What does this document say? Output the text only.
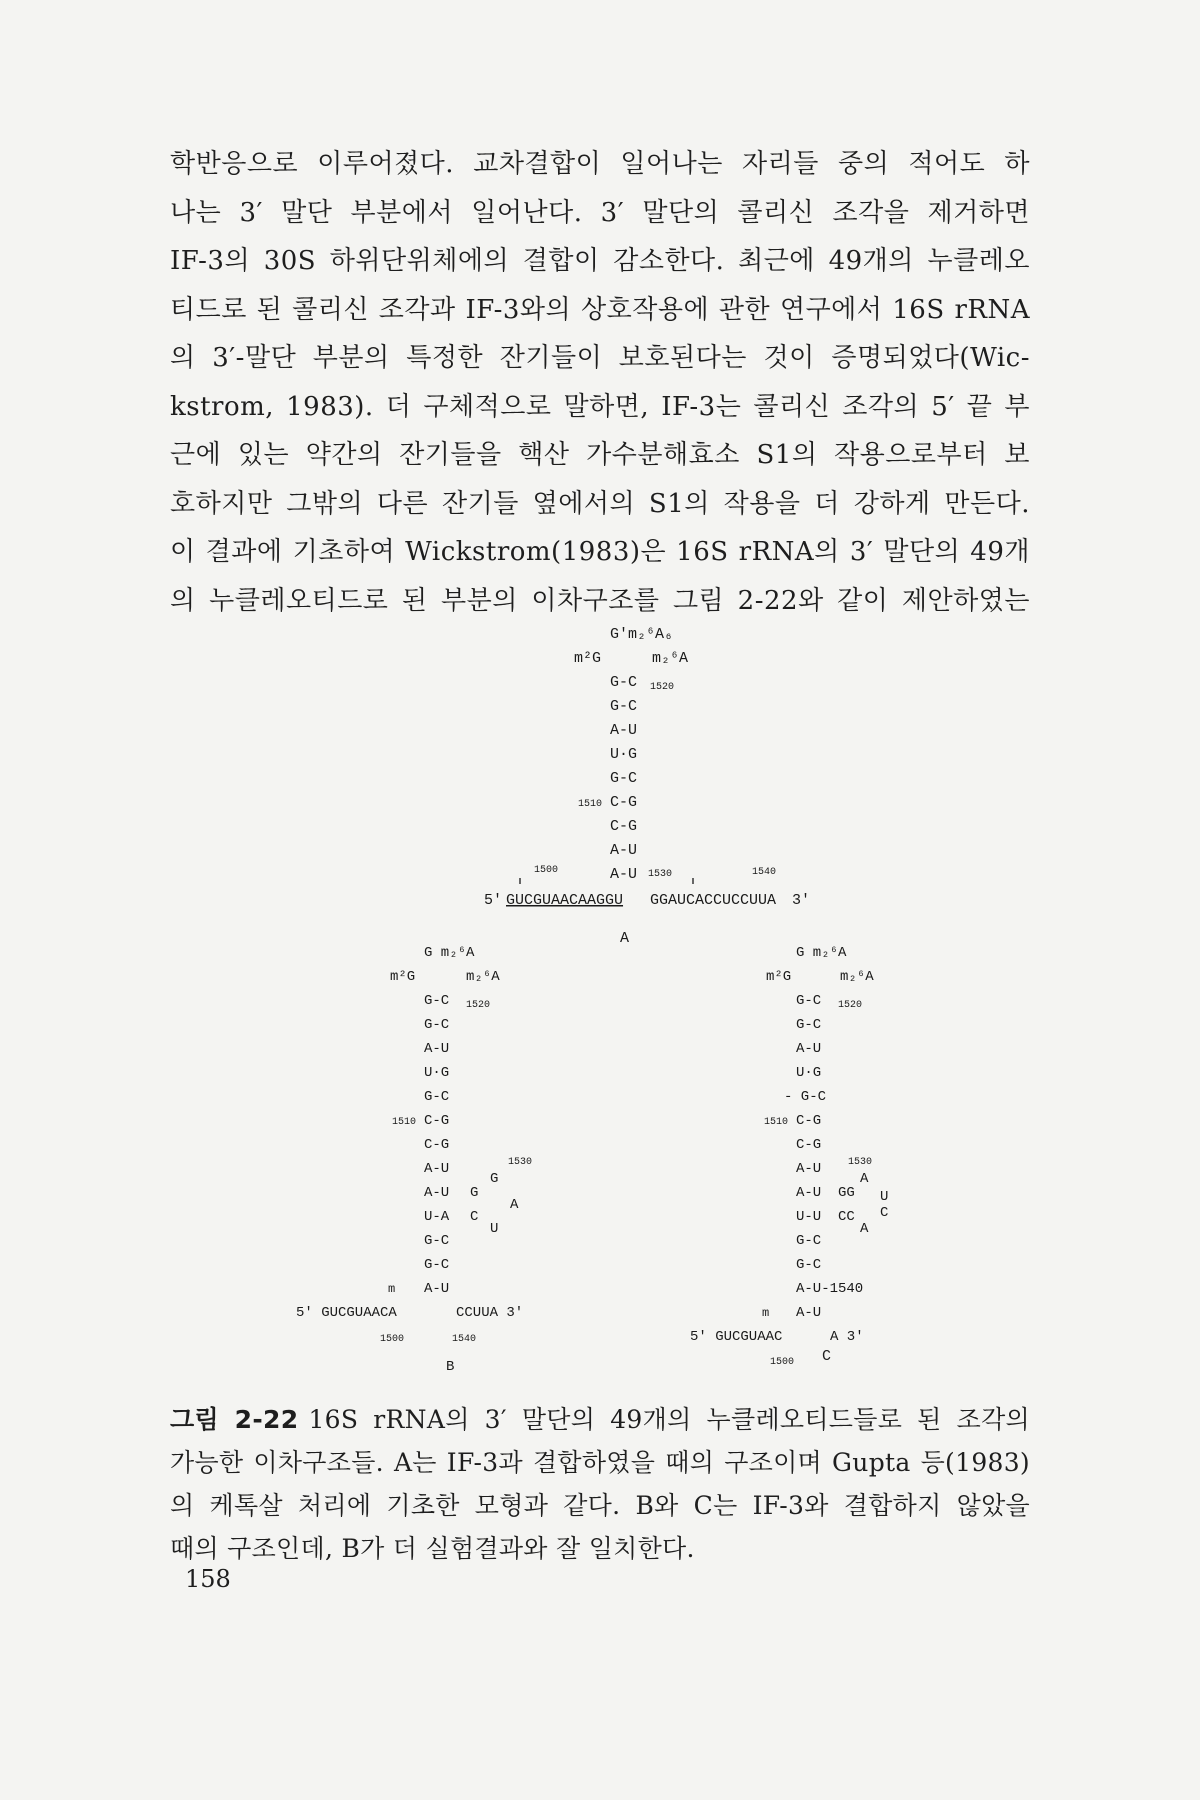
학반응으로 이루어졌다. 교차결합이 일어나는 자리들 중의 적어도 하
나는 3′ 말단 부분에서 일어난다. 3′ 말단의 콜리신 조각을 제거하면
IF-3의 30S 하위단위체에의 결합이 감소한다. 최근에 49개의 누클레오
티드로 된 콜리신 조각과 IF-3와의 상호작용에 관한 연구에서 16S rRNA
의 3′-말단 부분의 특정한 잔기들이 보호된다는 것이 증명되었다(Wic-
kstrom, 1983). 더 구체적으로 말하면, IF-3는 콜리신 조각의 5′ 끝 부
근에 있는 약간의 잔기들을 핵산 가수분해효소 S1의 작용으로부터 보
호하지만 그밖의 다른 잔기들 옆에서의 S1의 작용을 더 강하게 만든다.
이 결과에 기초하여 Wickstrom(1983)은 16S rRNA의 3′ 말단의 49개
의 누클레오티드로 된 부분의 이차구조를 그림 2-22와 같이 제안하였는
G'm₂⁶A₆
m²G	m₂⁶A
G-C 1520
G-C
A-U
U·G
G-C
1510 C-G
C-G
A-U
1500	A-U 1530	1540
5' GUCGUAACAAGGU GGAUCACCUCCUUA 3'
A
G m₂⁶A
m²G	m₂⁶A
G-C 1520
G-C
A-U
U·G
G-C
1510 C-G
C-G
A-U	1530
G
A-U G
A
U-A C
U
G-C
G-C
m A-U
5' GUCGUAACA	CCUUA 3'
1500	1540
G m₂⁶A
m²G	m₂⁶A
G-C 1520
G-C
A-U
U·G
- G-C
1510 C-G
C-G
A-U	1530
A
A-U GG U
U-U CC C
A
G-C
G-C
A-U-1540
m A-U
5' GUCGUAAC	A 3'
1500
B
C
그림 2-22 16S rRNA의 3′ 말단의 49개의 누클레오티드들로 된 조각의
가능한 이차구조들. A는 IF-3과 결합하였을 때의 구조이며 Gupta 등(1983)
의 케톡살 처리에 기초한 모형과 같다. B와 C는 IF-3와 결합하지 않았을
때의 구조인데, B가 더 실험결과와 잘 일치한다.
158
